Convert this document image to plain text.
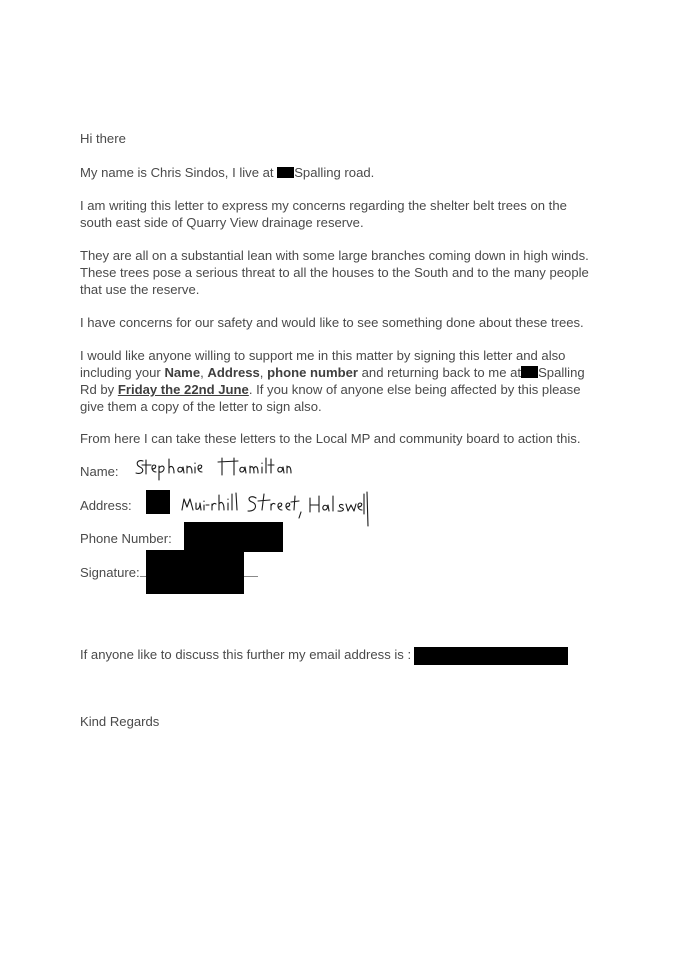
Hi there
My name is Chris Sindos, I live at Spalling road.
I am writing this letter to express my concerns regarding the shelter belt trees on the
south east side of Quarry View drainage reserve.
They are all on a substantial lean with some large branches coming down in high winds.
These trees pose a serious threat to all the houses to the South and to the many people
that use the reserve.
I have concerns for our safety and would like to see something done about these trees.
I would like anyone willing to support me in this matter by signing this letter and also
including your Name, Address, phone number and returning back to me at Spalling
Rd by Friday the 22nd June. If you know of anyone else being affected by this please
give them a copy of the letter to sign also.
From here I can take these letters to the Local MP and community board to action this.
Name:
Address:
Phone Number:
Signature:
If anyone like to discuss this further my email address is :
Kind Regards
